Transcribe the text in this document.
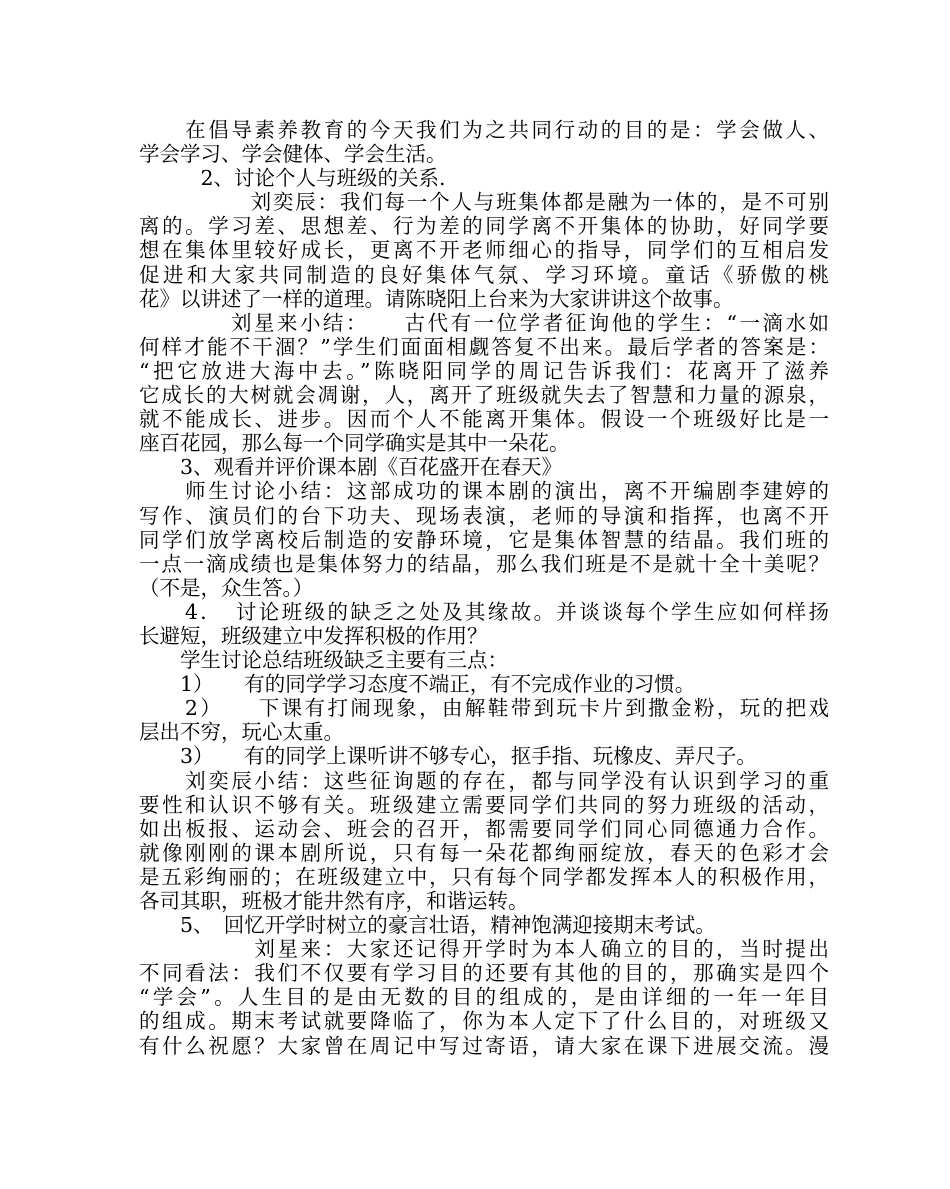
　　在倡导素养教育的今天我们为之共同行动的目的是：学会做人、
学会学习、学会健体、学会生活。
　　　2、讨论个人与班级的关系.
　　　　　刘奕辰：我们每一个人与班集体都是融为一体的，是不可别
离的。学习差、思想差、行为差的同学离不开集体的协助，好同学要
想在集体里较好成长，更离不开老师细心的指导，同学们的互相启发
促进和大家共同制造的良好集体气氛、学习环境。童话《骄傲的桃
花》以讲述了一样的道理。请陈晓阳上台来为大家讲讲这个故事。
　　　　刘星来小结：　　古代有一位学者征询他的学生：“一滴水如
何样才能不干涸？”学生们面面相觑答复不出来。最后学者的答案是：
“把它放进大海中去。”陈晓阳同学的周记告诉我们：花离开了滋养
它成长的大树就会凋谢，人，离开了班级就失去了智慧和力量的源泉，
就不能成长、进步。因而个人不能离开集体。假设一个班级好比是一
座百花园，那么每一个同学确实是其中一朵花。
　　3、观看并评价课本剧《百花盛开在春天》
　　师生讨论小结：这部成功的课本剧的演出，离不开编剧李建婷的
写作、演员们的台下功夫、现场表演，老师的导演和指挥，也离不开
同学们放学离校后制造的安静环境，它是集体智慧的结晶。我们班的
一点一滴成绩也是集体努力的结晶，那么我们班是不是就十全十美呢？
（不是，众生答。）
　　4．　讨论班级的缺乏之处及其缘故。并谈谈每个学生应如何样扬
长避短，班级建立中发挥积极的作用？
　　学生讨论总结班级缺乏主要有三点：
　　1）　　有的同学学习态度不端正，有不完成作业的习惯。
　　2）　　下课有打闹现象，由解鞋带到玩卡片到撒金粉，玩的把戏
层出不穷，玩心太重。
　　3）　　有的同学上课听讲不够专心，抠手指、玩橡皮、弄尺子。
　　刘奕辰小结：这些征询题的存在，都与同学没有认识到学习的重
要性和认识不够有关。班级建立需要同学们共同的努力班级的活动，
如出板报、运动会、班会的召开，都需要同学们同心同德通力合作。
就像刚刚的课本剧所说，只有每一朵花都绚丽绽放，春天的色彩才会
是五彩绚丽的；在班级建立中，只有每个同学都发挥本人的积极作用，
各司其职，班极才能井然有序，和谐运转。
　　5、　回忆开学时树立的豪言壮语，精神饱满迎接期末考试。
　　　　　刘星来：大家还记得开学时为本人确立的目的，当时提出
不同看法：我们不仅要有学习目的还要有其他的目的，那确实是四个
“学会”。人生目的是由无数的目的组成的，是由详细的一年一年目
的组成。期末考试就要降临了，你为本人定下了什么目的，对班级又
有什么祝愿？大家曾在周记中写过寄语，请大家在课下进展交流。漫
